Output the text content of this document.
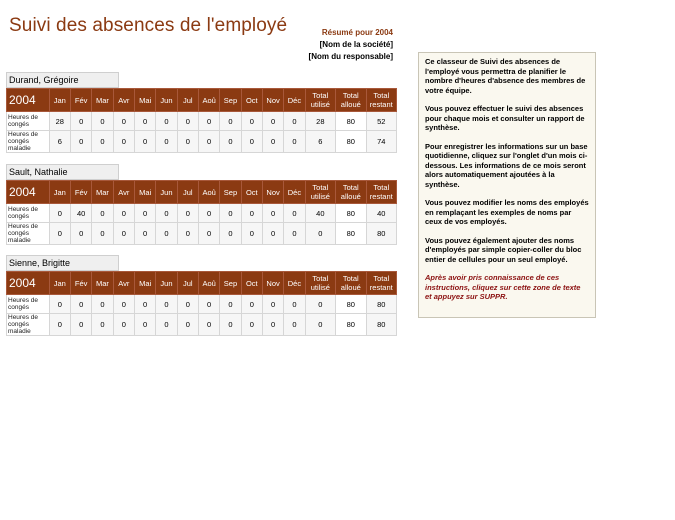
Suivi des absences de l'employé	Résumé pour 2004
[Nom de la société]
[Nom du responsable]
Durand, Grégoire
2004	Jan	Fév	Mar	Avr	Mai	Jun	Jul	Aoû	Sep	Oct	Nov	Déc	Total utilisé	Total alloué	Total restant
Heures de congés	28	0	0	0	0	0	0	0	0	0	0	0	28	80	52
Heures de congés maladie	6	0	0	0	0	0	0	0	0	0	0	0	6	80	74
Sault, Nathalie
2004	Jan	Fév	Mar	Avr	Mai	Jun	Jul	Aoû	Sep	Oct	Nov	Déc	Total utilisé	Total alloué	Total restant
Heures de congés	0	40	0	0	0	0	0	0	0	0	0	0	40	80	40
Heures de congés maladie	0	0	0	0	0	0	0	0	0	0	0	0	0	80	80
Sienne, Brigitte
2004	Jan	Fév	Mar	Avr	Mai	Jun	Jul	Aoû	Sep	Oct	Nov	Déc	Total utilisé	Total alloué	Total restant
Heures de congés	0	0	0	0	0	0	0	0	0	0	0	0	0	80	80
Heures de congés maladie	0	0	0	0	0	0	0	0	0	0	0	0	0	80	80

Ce classeur de Suivi des absences de l'employé vous permettra de planifier le nombre d'heures d'absence des membres de votre équipe.

Vous pouvez effectuer le suivi des absences pour chaque mois et consulter un rapport de synthèse.

Pour enregistrer les informations sur un base quotidienne, cliquez sur l'onglet d'un mois ci-dessous. Les informations de ce mois seront alors automatiquement ajoutées à la synthèse.

Vous pouvez modifier les noms des employés en remplaçant les exemples de noms par ceux de vos employés.

Vous pouvez également ajouter des noms d'employés par simple copier-coller du bloc entier de cellules pour un seul employé.

Après avoir pris connaissance de ces instructions, cliquez sur cette zone de texte et appuyez sur SUPPR.
